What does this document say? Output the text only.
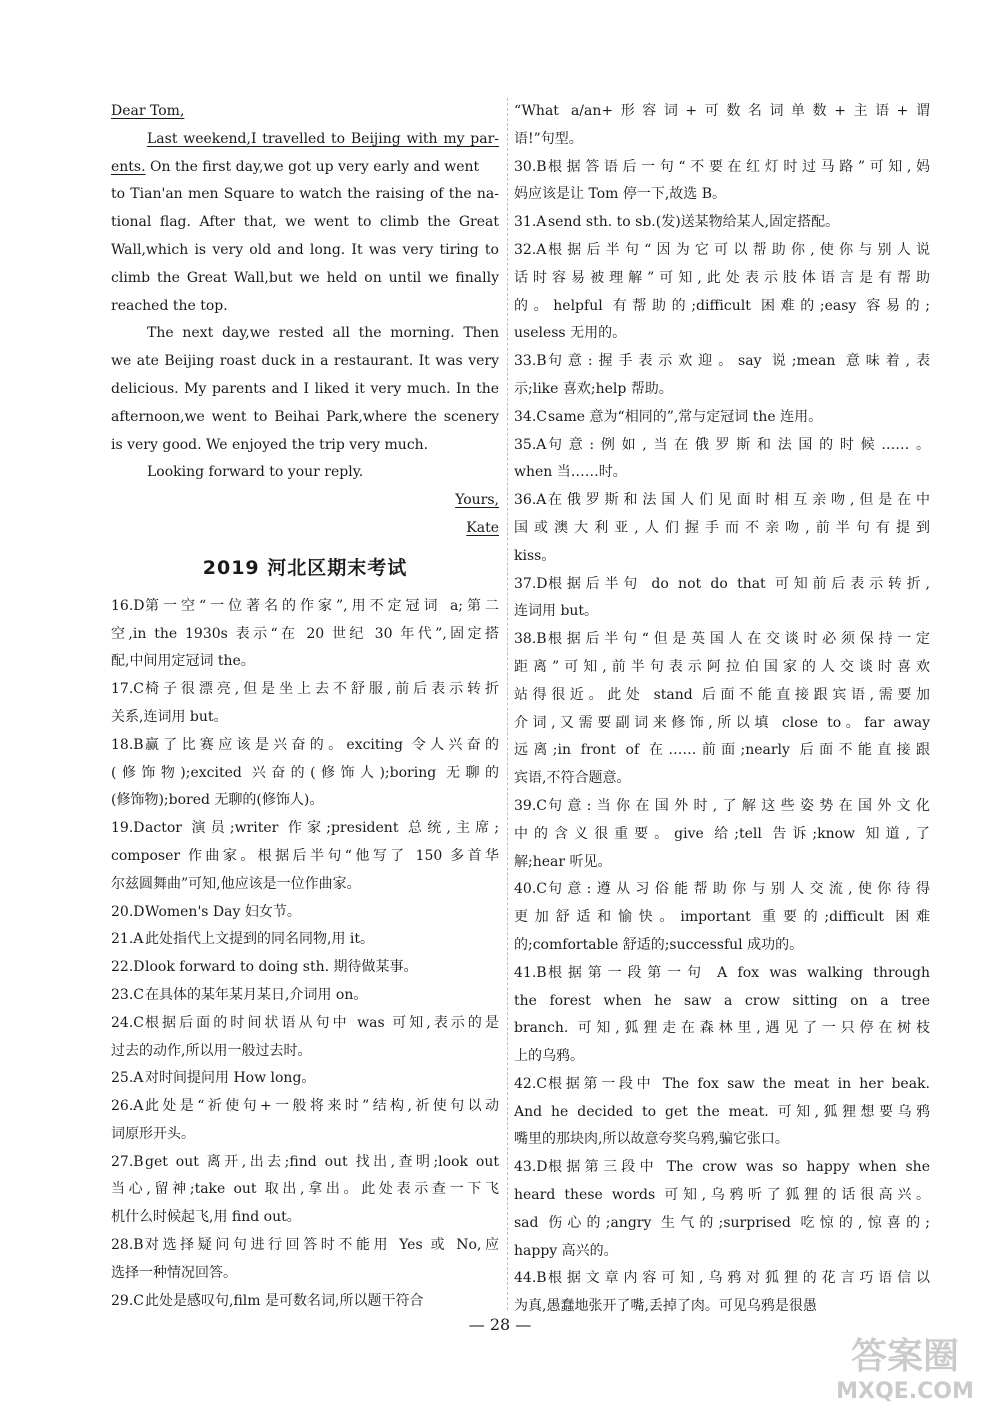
Dear Tom,
Last weekend,I travelled to Beijing with my par-
ents. On the first day,we got up very early and went
to Tian'an men Square to watch the raising of the na-
tional flag. After that, we went to climb the Great
Wall,which is very old and long. It was very tiring to
climb the Great Wall,but we held on until we finally
reached the top.
The next day,we rested all the morning. Then
we ate Beijing roast duck in a restaurant. It was very
delicious. My parents and I liked it very much. In the
afternoon,we went to Beihai Park,where the scenery
is very good. We enjoyed the trip very much.
Looking forward to your reply.
Yours,
Kate
2019 河北区期末考试
16.D 第一空“一位著名的作家”,用不定冠词 a;第二
空,in the 1930s 表示“在 20 世纪 30 年代”,固定搭
配,中间用定冠词 the。
17.C 椅子很漂亮,但是坐上去不舒服,前后表示转折
关系,连词用 but。
18.B 赢了比赛应该是兴奋的。exciting 令人兴奋的
(修饰物);excited 兴奋的(修饰人);boring 无聊的
(修饰物);bored 无聊的(修饰人)。
19.D actor 演员;writer 作家;president 总统,主席;
composer 作曲家。根据后半句“他写了 150 多首华
尔兹圆舞曲”可知,他应该是一位作曲家。
20.D Women's Day 妇女节。
21.A 此处指代上文提到的同名同物,用 it。
22.D look forward to doing sth. 期待做某事。
23.C 在具体的某年某月某日,介词用 on。
24.C 根据后面的时间状语从句中 was 可知,表示的是
过去的动作,所以用一般过去时。
25.A 对时间提问用 How long。
26.A 此处是“祈使句+一般将来时”结构,祈使句以动
词原形开头。
27.B get out 离开,出去;find out 找出,查明;look out
当心,留神;take out 取出,拿出。此处表示查一下飞
机什么时候起飞,用 find out。
28.B 对选择疑问句进行回答时不能用 Yes 或 No,应
选择一种情况回答。
29.C 此处是感叹句,film 是可数名词,所以题干符合
“What a/an+形容词+可数名词单数+主语+谓
语!”句型。
30.B 根据答语后一句“不要在红灯时过马路”可知,妈
妈应该是让 Tom 停一下,故选 B。
31.A send sth. to sb.(发)送某物给某人,固定搭配。
32.A 根据后半句“因为它可以帮助你,使你与别人说
话时容易被理解”可知,此处表示肢体语言是有帮助
的。helpful 有帮助的;difficult 困难的;easy 容易的;
useless 无用的。
33.B 句意:握手表示欢迎。say 说;mean 意味着,表
示;like 喜欢;help 帮助。
34.C same 意为“相同的”,常与定冠词 the 连用。
35.A 句意:例如,当在俄罗斯和法国的时候……。
when 当……时。
36.A 在俄罗斯和法国人们见面时相互亲吻,但是在中
国或澳大利亚,人们握手而不亲吻,前半句有提到
kiss。
37.D 根据后半句 do not do that 可知前后表示转折,
连词用 but。
38.B 根据后半句“但是英国人在交谈时必须保持一定
距离”可知,前半句表示阿拉伯国家的人交谈时喜欢
站得很近。此处 stand 后面不能直接跟宾语,需要加
介词,又需要副词来修饰,所以填 close to。far away
远离;in front of 在……前面;nearly 后面不能直接跟
宾语,不符合题意。
39.C 句意:当你在国外时,了解这些姿势在国外文化
中的含义很重要。give 给;tell 告诉;know 知道,了
解;hear 听见。
40.C 句意:遵从习俗能帮助你与别人交流,使你待得
更加舒适和愉快。important 重要的;difficult 困难
的;comfortable 舒适的;successful 成功的。
41.B 根据第一段第一句 A fox was walking through
the forest when he saw a crow sitting on a tree
branch. 可知,狐狸走在森林里,遇见了一只停在树枝
上的乌鸦。
42.C 根据第一段中 The fox saw the meat in her beak.
And he decided to get the meat. 可知,狐狸想要乌鸦
嘴里的那块肉,所以故意夸奖乌鸦,骗它张口。
43.D 根据第三段中 The crow was so happy when she
heard these words 可知,乌鸦听了狐狸的话很高兴。
sad 伤心的;angry 生气的;surprised 吃惊的,惊喜的;
happy 高兴的。
44.B 根据文章内容可知,乌鸦对狐狸的花言巧语信以
为真,愚蠢地张开了嘴,丢掉了肉。可见乌鸦是很愚
— 28 —
答案圈
MXQE.COM
